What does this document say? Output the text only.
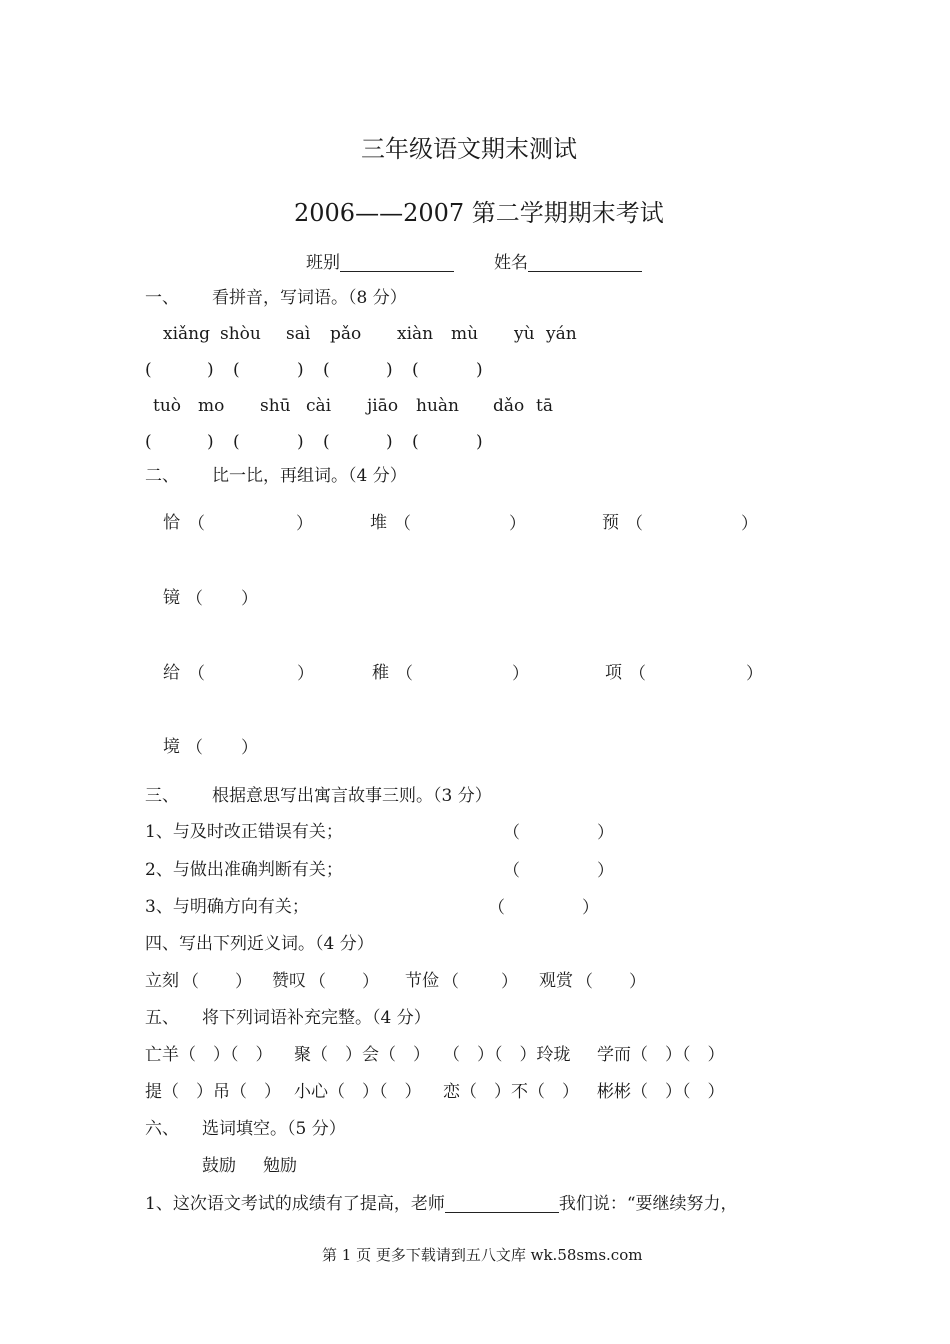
三年级语文期末测试
2006——2007 第二学期期末考试
班别	姓名
一、 看拼音，写词语。（8 分）
xiǎng shòu saì pǎo xiàn mù yù yán
(	) (	) (	) (	)
tuò mo shū cài jiāo huàn dǎo tā
(	) (	) (	) (	)
二、 比一比，再组词。（4 分）
恰 （	）	堆 （	）	预 （	）
镜 （ ）
给 （	）	稚 （	）	项 （	）
境 （ ）
三、 根据意思写出寓言故事三则。（3 分）
1、与及时改正错误有关；	（	）
2、与做出准确判断有关；	（	）
3、与明确方向有关；	（	）
四、写出下列近义词。（4 分）
立刻 （ ） 赞叹 （ ） 节俭 （ ） 观赏 （ ）
五、 将下列词语补充完整。（4 分）
亡羊（　）（　） 聚（　）会（　） （　）（　）玲珑 学而（　）（　）
提（　）吊（　） 小心（　）（　） 恋（　）不（　） 彬彬（　）（　）
六、 选词填空。（5 分）
鼓励 勉励
1、这次语文考试的成绩有了提高，老师	我们说：“要继续努力，
第 1 页 更多下载请到五八文库 wk.58sms.com
